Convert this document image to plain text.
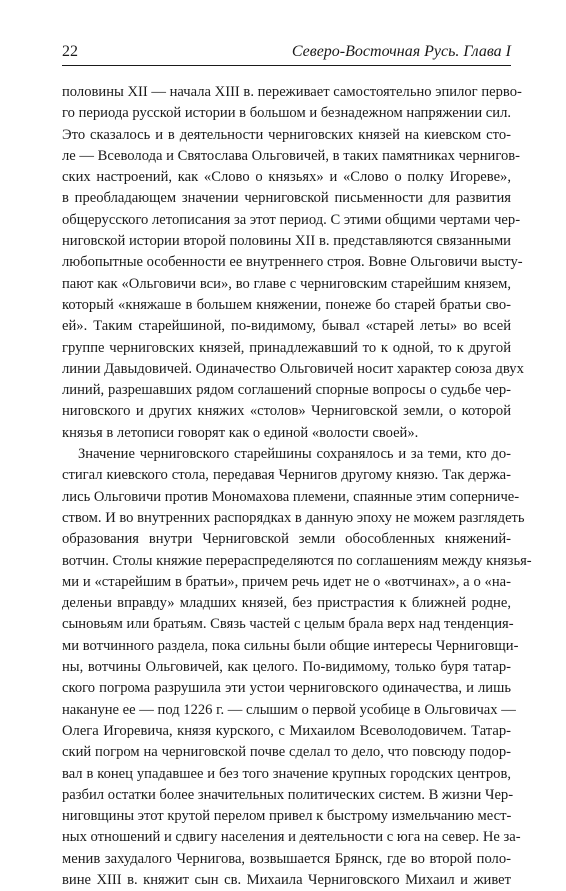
22	Северо-Восточная Русь. Глава I
половины XII — начала XIII в. переживает самостоятельно эпилог перво-
го периода русской истории в большом и безнадежном напряжении сил.
Это сказалось и в деятельности черниговских князей на киевском сто-
ле — Всеволода и Святослава Ольговичей, в таких памятниках чернигов-
ских настроений, как «Слово о князьях» и «Слово о полку Игореве»,
в преобладающем значении черниговской письменности для развития
общерусского летописания за этот период. С этими общими чертами чер-
ниговской истории второй половины XII в. представляются связанными
любопытные особенности ее внутреннего строя. Вовне Ольговичи высту-
пают как «Ольговичи вси», во главе с черниговским старейшим князем,
который «княжаше в большем княжении, понеже бо старей братьи сво-
ей». Таким старейшиной, по-видимому, бывал «старей леты» во всей
группе черниговских князей, принадлежавший то к одной, то к другой
линии Давыдовичей. Одиначество Ольговичей носит характер союза двух
линий, разрешавших рядом соглашений спорные вопросы о судьбе чер-
ниговского и других княжих «столов» Черниговской земли, о которой
князья в летописи говорят как о единой «волости своей».
Значение черниговского старейшины сохранялось и за теми, кто до-
стигал киевского стола, передавая Чернигов другому князю. Так держа-
лись Ольговичи против Мономахова племени, спаянные этим соперниче-
ством. И во внутренних распорядках в данную эпоху не можем разглядеть
образования внутри Черниговской земли обособленных княжений-
вотчин. Столы княжие перераспределяются по соглашениям между князья-
ми и «старейшим в братьи», причем речь идет не о «вотчинах», а о «на-
деленьи вправду» младших князей, без пристрастия к ближней родне,
сыновьям или братьям. Связь частей с целым брала верх над тенденция-
ми вотчинного раздела, пока сильны были общие интересы Черниговщи-
ны, вотчины Ольговичей, как целого. По-видимому, только буря татар-
ского погрома разрушила эти устои черниговского одиначества, и лишь
накануне ее — под 1226 г. — слышим о первой усобице в Ольговичах —
Олега Игоревича, князя курского, с Михаилом Всеволодовичем. Татар-
ский погром на черниговской почве сделал то дело, что повсюду подор-
вал в конец упадавшее и без того значение крупных городских центров,
разбил остатки более значительных политических систем. В жизни Чер-
ниговщины этот крутой перелом привел к быстрому измельчанию мест-
ных отношений и сдвигу населения и деятельности с юга на север. Не за-
менив захудалого Чернигова, возвышается Брянск, где во второй поло-
вине XIII в. княжит сын св. Михаила Черниговского Михаил и живет
